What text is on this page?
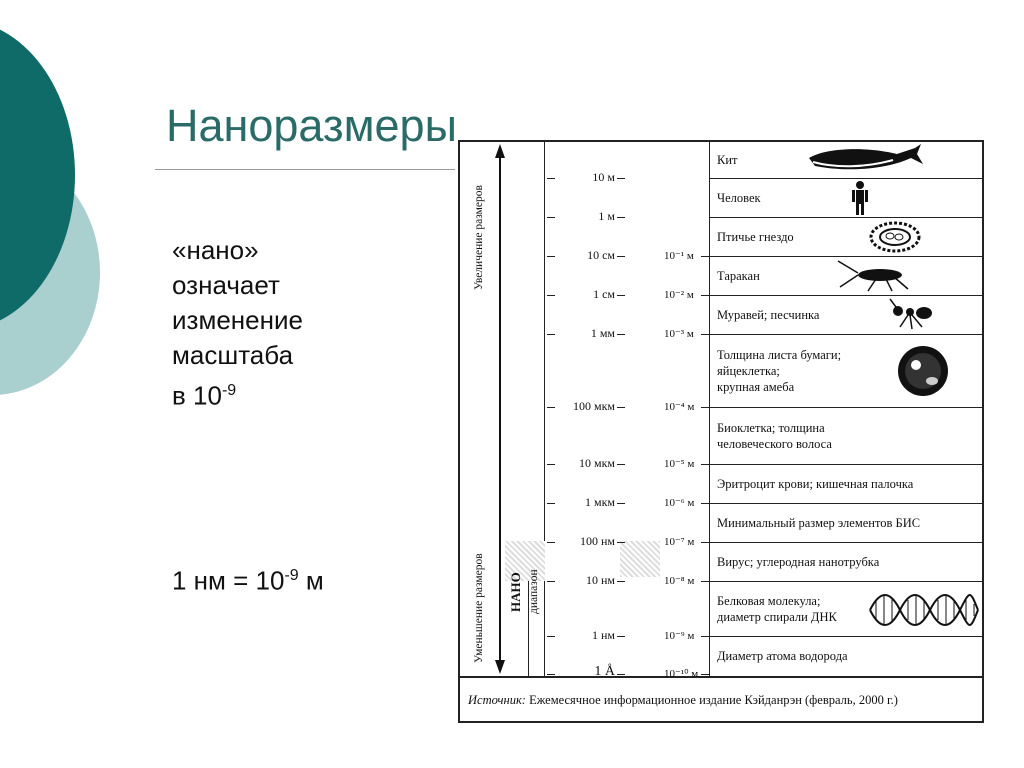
Наноразмеры
«нано»
означает
изменение
масштаба
в $10^{-9}$
1 нм = $10^{-9}$ м
Увеличение размеров
Уменьшение размеров НАНО диапазон
10 м
1 м
10 см
1 см
1 мм
100 мкм
10 мкм
1 мкм
100 нм
10 нм
1 нм
1 Å
10⁻¹ м
10⁻² м
10⁻³ м
10⁻⁴ м
10⁻⁵ м
10⁻⁶ м
10⁻⁷ м
10⁻⁸ м
10⁻⁹ м
10⁻¹⁰ м
Кит
Человек
Птичье гнездо
Таракан
Муравей; песчинка
Толщина листа бумаги;
яйцеклетка;
крупная амеба
Биоклетка; толщина
человеческого волоса
Эритроцит крови; кишечная палочка
Минимальный размер элементов БИС
Вирус; углеродная нанотрубка
Белковая молекула;
диаметр спирали ДНК
Диаметр атома водорода
Источник: Ежемесячное информационное издание Кэйданрэн (февраль, 2000 г.)
